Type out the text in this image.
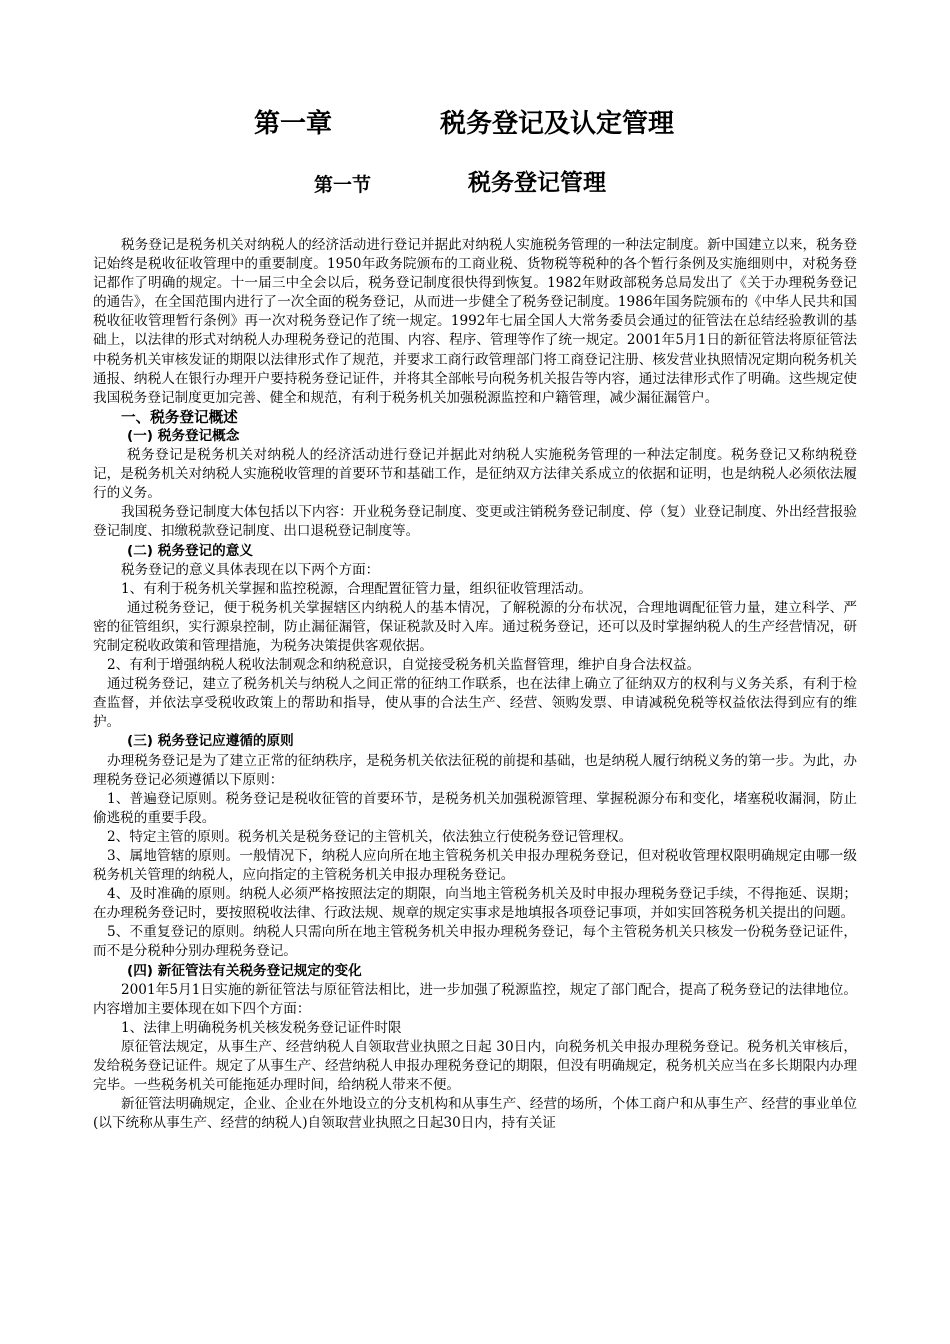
第一章	税务登记及认定管理
第一节	税务登记管理
税务登记是税务机关对纳税人的经济活动进行登记并据此对纳税人实施税务管理的一种法定制度。新中国建立以来，税务登记始终是税收征收管理中的重要制度。1950年政务院颁布的工商业税、货物税等税种的各个暂行条例及实施细则中，对税务登记都作了明确的规定。十一届三中全会以后，税务登记制度很快得到恢复。1982年财政部税务总局发出了《关于办理税务登记的通告》，在全国范围内进行了一次全面的税务登记，从而进一步健全了税务登记制度。1986年国务院颁布的《中华人民共和国税收征收管理暂行条例》再一次对税务登记作了统一规定。1992年七届全国人大常务委员会通过的征管法在总结经验教训的基础上，以法律的形式对纳税人办理税务登记的范围、内容、程序、管理等作了统一规定。2001年5月1日的新征管法将原征管法中税务机关审核发证的期限以法律形式作了规范，并要求工商行政管理部门将工商登记注册、核发营业执照情况定期向税务机关通报、纳税人在银行办理开户要持税务登记证件，并将其全部帐号向税务机关报告等内容，通过法律形式作了明确。这些规定使我国税务登记制度更加完善、健全和规范，有利于税务机关加强税源监控和户籍管理，减少漏征漏管户。
一、税务登记概述
(一) 税务登记概念
税务登记是税务机关对纳税人的经济活动进行登记并据此对纳税人实施税务管理的一种法定制度。税务登记又称纳税登记，是税务机关对纳税人实施税收管理的首要环节和基础工作，是征纳双方法律关系成立的依据和证明，也是纳税人必须依法履行的义务。
我国税务登记制度大体包括以下内容：开业税务登记制度、变更或注销税务登记制度、停（复）业登记制度、外出经营报验登记制度、扣缴税款登记制度、出口退税登记制度等。
(二) 税务登记的意义
税务登记的意义具体表现在以下两个方面：
1、有利于税务机关掌握和监控税源，合理配置征管力量，组织征收管理活动。
通过税务登记，便于税务机关掌握辖区内纳税人的基本情况，了解税源的分布状况，合理地调配征管力量，建立科学、严密的征管组织，实行源泉控制，防止漏征漏管，保证税款及时入库。通过税务登记，还可以及时掌握纳税人的生产经营情况，研究制定税收政策和管理措施，为税务决策提供客观依据。
2、有利于增强纳税人税收法制观念和纳税意识，自觉接受税务机关监督管理，维护自身合法权益。
通过税务登记，建立了税务机关与纳税人之间正常的征纳工作联系，也在法律上确立了征纳双方的权利与义务关系，有利于检查监督，并依法享受税收政策上的帮助和指导，使从事的合法生产、经营、领购发票、申请减税免税等权益依法得到应有的维护。
(三) 税务登记应遵循的原则
办理税务登记是为了建立正常的征纳秩序，是税务机关依法征税的前提和基础，也是纳税人履行纳税义务的第一步。为此，办理税务登记必须遵循以下原则：
1、普遍登记原则。税务登记是税收征管的首要环节，是税务机关加强税源管理、掌握税源分布和变化，堵塞税收漏洞，防止偷逃税的重要手段。
2、特定主管的原则。税务机关是税务登记的主管机关，依法独立行使税务登记管理权。
3、属地管辖的原则。一般情况下，纳税人应向所在地主管税务机关申报办理税务登记，但对税收管理权限明确规定由哪一级税务机关管理的纳税人，应向指定的主管税务机关申报办理税务登记。
4、及时准确的原则。纳税人必须严格按照法定的期限，向当地主管税务机关及时申报办理税务登记手续，不得拖延、误期；在办理税务登记时，要按照税收法律、行政法规、规章的规定实事求是地填报各项登记事项，并如实回答税务机关提出的问题。
5、不重复登记的原则。纳税人只需向所在地主管税务机关申报办理税务登记，每个主管税务机关只核发一份税务登记证件，而不是分税种分别办理税务登记。
(四) 新征管法有关税务登记规定的变化
2001年5月1日实施的新征管法与原征管法相比，进一步加强了税源监控，规定了部门配合，提高了税务登记的法律地位。内容增加主要体现在如下四个方面：
1、法律上明确税务机关核发税务登记证件时限
原征管法规定，从事生产、经营纳税人自领取营业执照之日起 30日内，向税务机关申报办理税务登记。税务机关审核后，发给税务登记证件。规定了从事生产、经营纳税人申报办理税务登记的期限，但没有明确规定，税务机关应当在多长期限内办理完毕。一些税务机关可能拖延办理时间，给纳税人带来不便。
新征管法明确规定，企业、企业在外地设立的分支机构和从事生产、经营的场所，个体工商户和从事生产、经营的事业单位(以下统称从事生产、经营的纳税人)自领取营业执照之日起30日内，持有关证
